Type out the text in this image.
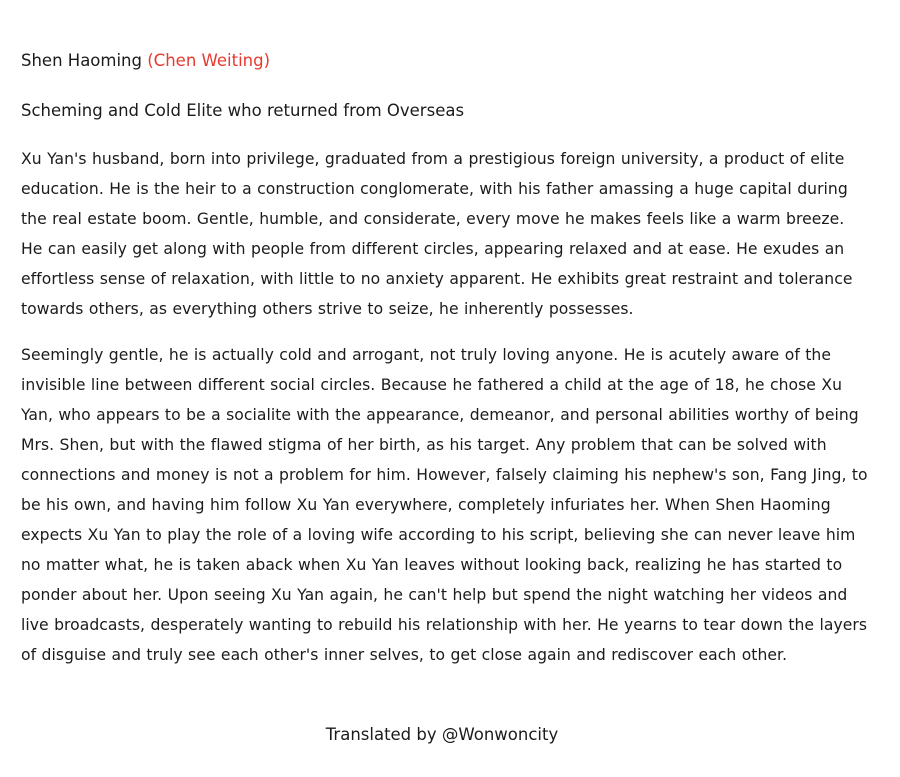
Shen Haoming (Chen Weiting)

Scheming and Cold Elite who returned from Overseas

Xu Yan's husband, born into privilege, graduated from a prestigious foreign university, a product of elite education. He is the heir to a construction conglomerate, with his father amassing a huge capital during the real estate boom. Gentle, humble, and considerate, every move he makes feels like a warm breeze. He can easily get along with people from different circles, appearing relaxed and at ease. He exudes an effortless sense of relaxation, with little to no anxiety apparent. He exhibits great restraint and tolerance towards others, as everything others strive to seize, he inherently possesses.

Seemingly gentle, he is actually cold and arrogant, not truly loving anyone. He is acutely aware of the invisible line between different social circles. Because he fathered a child at the age of 18, he chose Xu Yan, who appears to be a socialite with the appearance, demeanor, and personal abilities worthy of being Mrs. Shen, but with the flawed stigma of her birth, as his target. Any problem that can be solved with connections and money is not a problem for him. However, falsely claiming his nephew's son, Fang Jing, to be his own, and having him follow Xu Yan everywhere, completely infuriates her. When Shen Haoming expects Xu Yan to play the role of a loving wife according to his script, believing she can never leave him no matter what, he is taken aback when Xu Yan leaves without looking back, realizing he has started to ponder about her. Upon seeing Xu Yan again, he can't help but spend the night watching her videos and live broadcasts, desperately wanting to rebuild his relationship with her. He yearns to tear down the layers of disguise and truly see each other's inner selves, to get close again and rediscover each other.

Translated by @Wonwoncity
